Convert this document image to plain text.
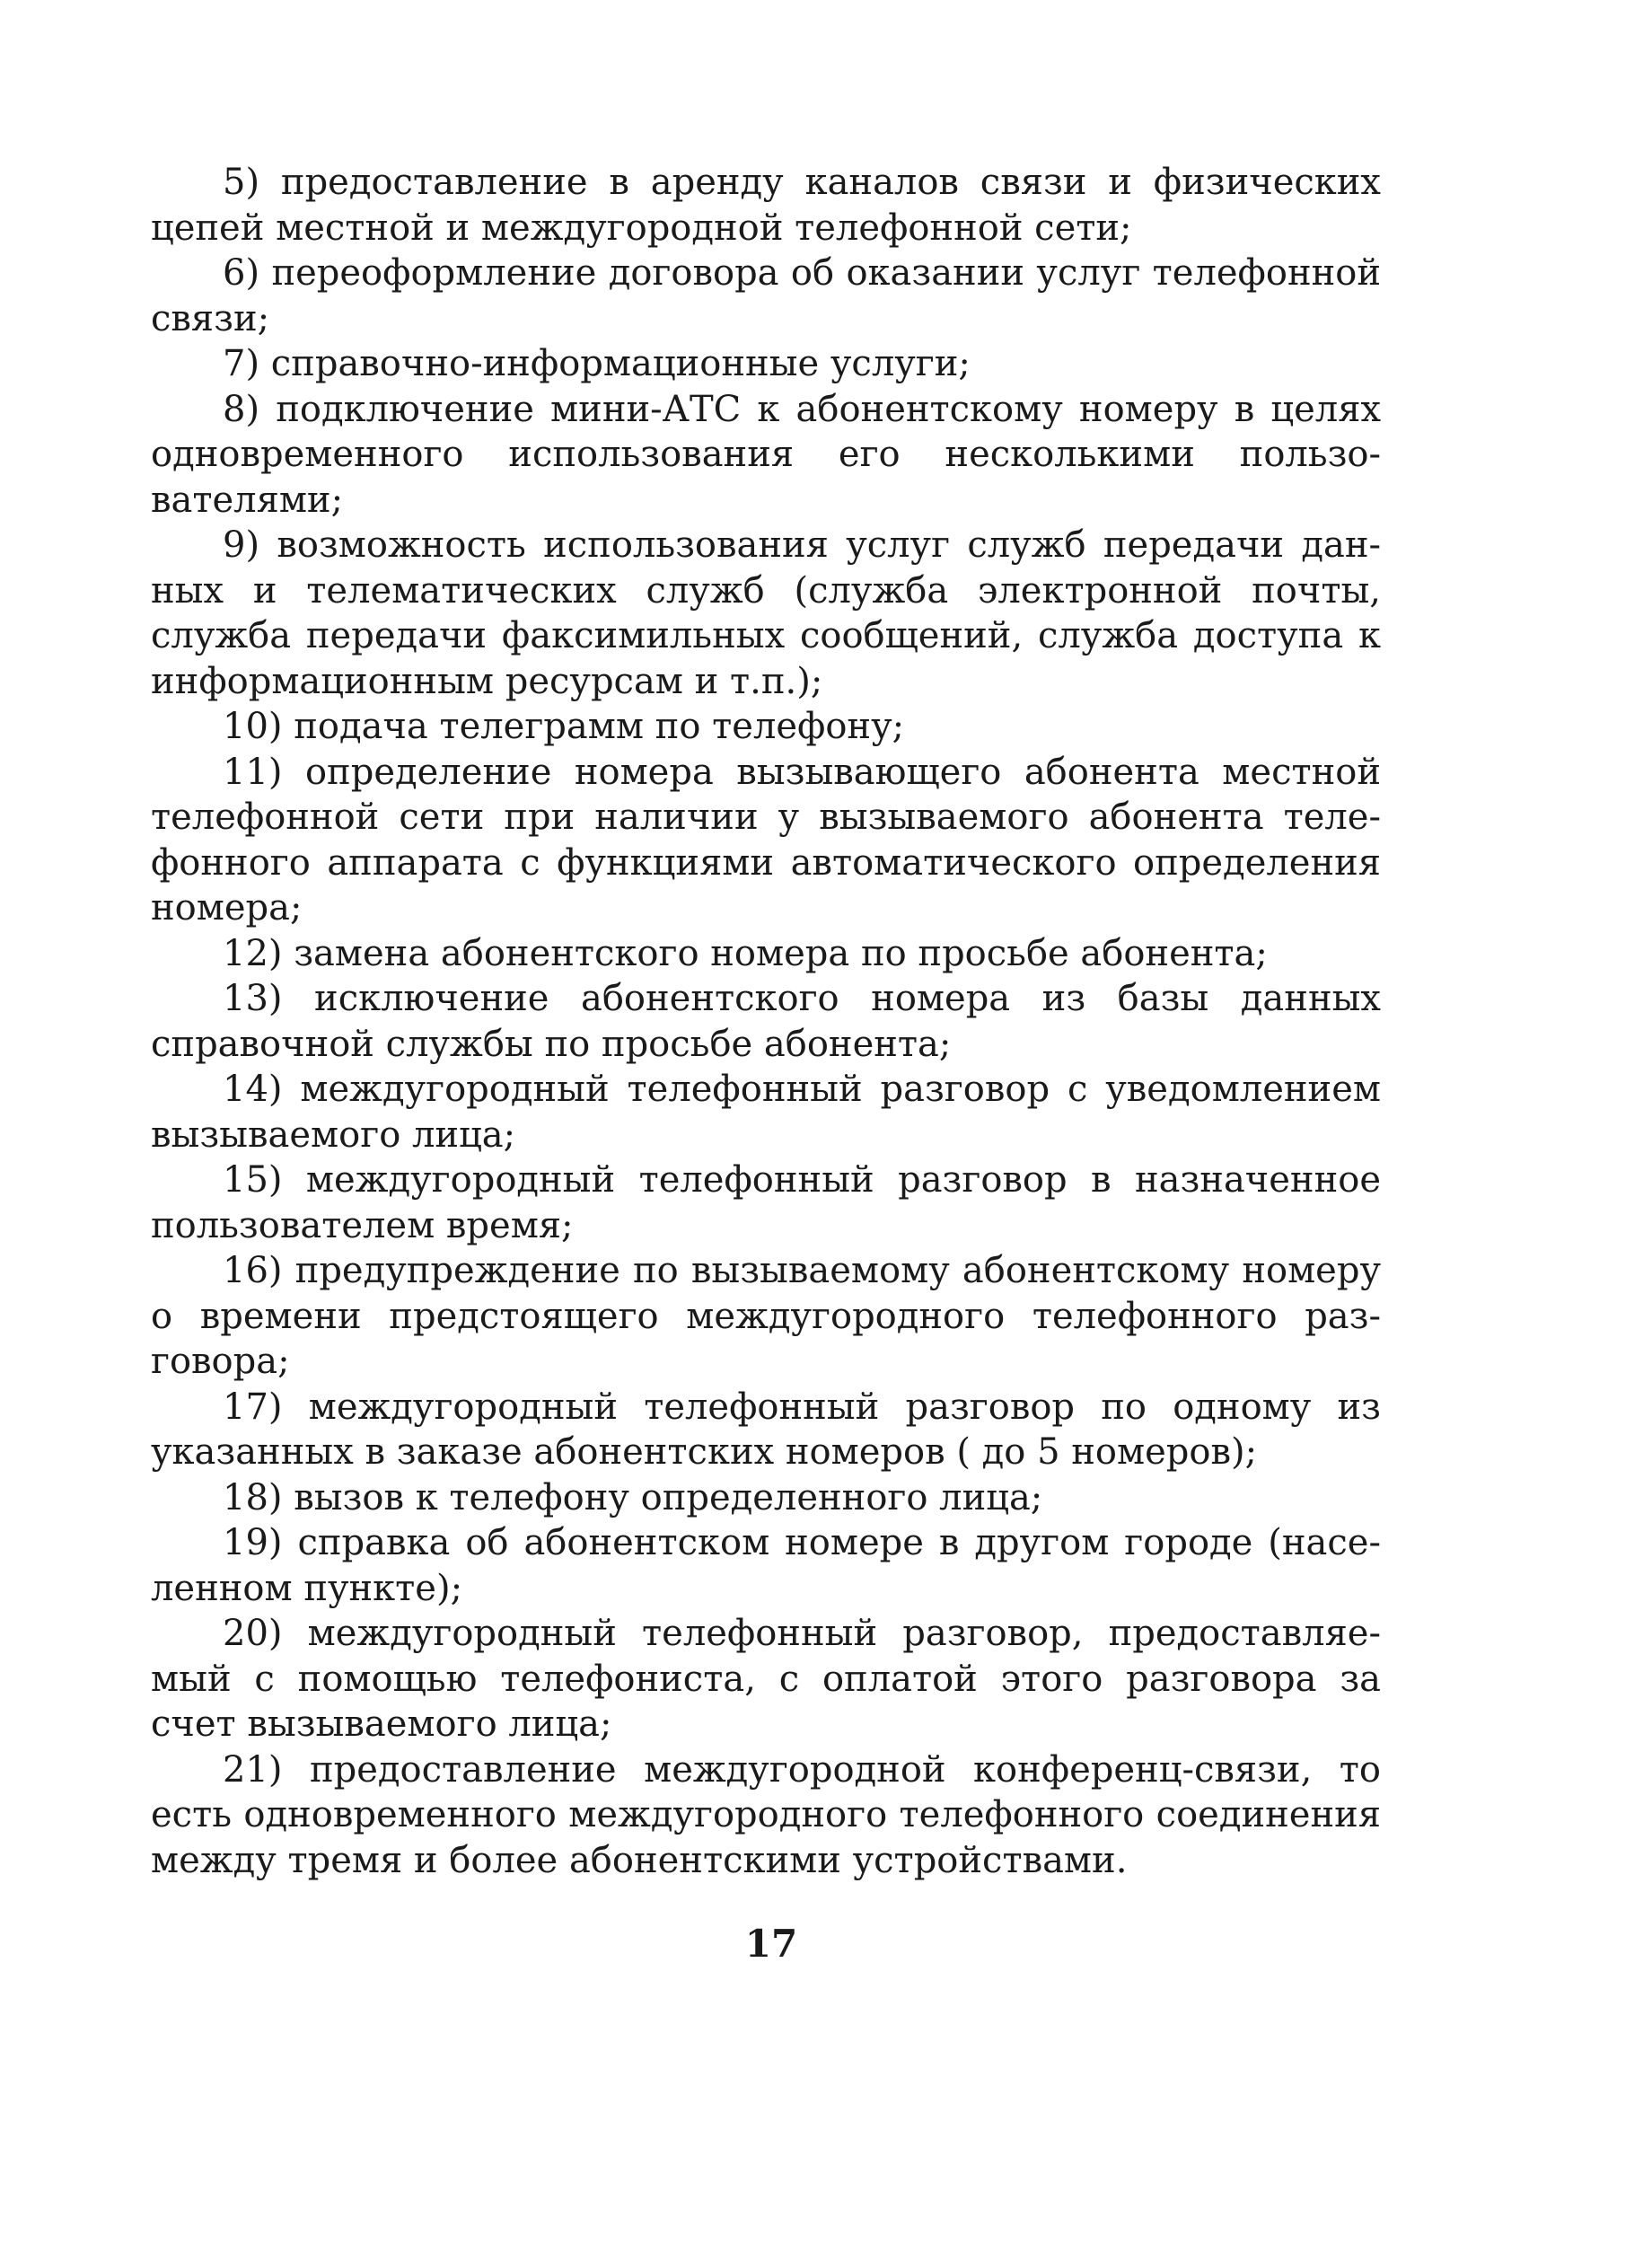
5) предоставление в аренду каналов связи и физических цепей местной и междугородной телефонной сети;

6) переоформление договора об оказании услуг телефонной связи;

7) справочно-информационные услуги;

8) подключение мини-АТС к абонентскому номеру в целях одновременного использования его несколькими пользователями;

9) возможность использования услуг служб передачи данных и телематических служб (служба электронной почты, служба передачи факсимильных сообщений, служба доступа к информационным ресурсам и т.п.);

10) подача телеграмм по телефону;

11) определение номера вызывающего абонента местной телефонной сети при наличии у вызываемого абонента телефонного аппарата с функциями автоматического определения номера;

12) замена абонентского номера по просьбе абонента;

13) исключение абонентского номера из базы данных справочной службы по просьбе абонента;

14) междугородный телефонный разговор с уведомлением вызываемого лица;

15) междугородный телефонный разговор в назначенное пользователем время;

16) предупреждение по вызываемому абонентскому номеру о времени предстоящего междугородного телефонного разговора;

17) междугородный телефонный разговор по одному из указанных в заказе абонентских номеров ( до 5 номеров);

18) вызов к телефону определенного лица;

19) справка об абонентском номере в другом городе (населенном пункте);

20) междугородный телефонный разговор, предоставляемый с помощью телефониста, с оплатой этого разговора за счет вызываемого лица;

21) предоставление междугородной конференц-связи, то есть одновременного междугородного телефонного соединения между тремя и более абонентскими устройствами.

17
